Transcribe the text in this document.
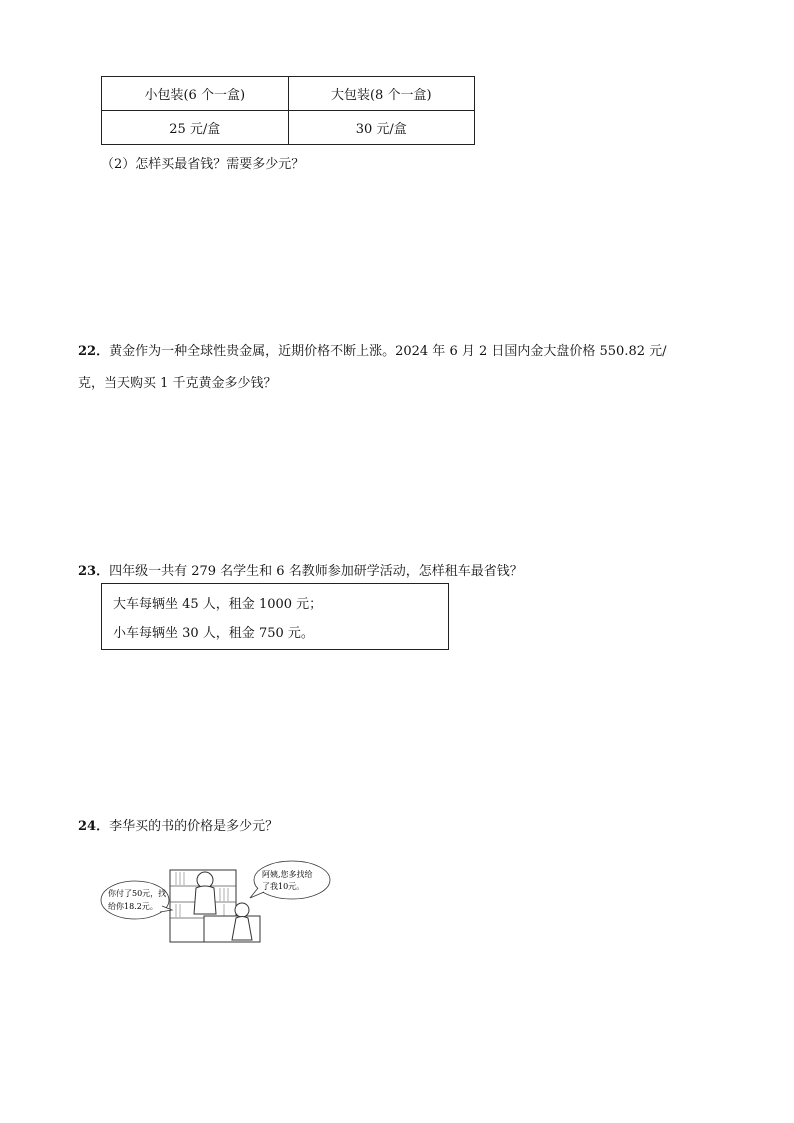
小包装(6 个一盒)	大包装(8 个一盒)
25 元/盒	30 元/盒
（2）怎样买最省钱？需要多少元？
22．黄金作为一种全球性贵金属，近期价格不断上涨。2024 年 6 月 2 日国内金大盘价格 550.82 元/
克，当天购买 1 千克黄金多少钱？
23．四年级一共有 279 名学生和 6 名教师参加研学活动，怎样租车最省钱？
大车每辆坐 45 人，租金 1000 元；
小车每辆坐 30 人，租金 750 元。
24．李华买的书的价格是多少元？
你付了50元，找
给你18.2元。
阿姨,您多找给
了我10元。
